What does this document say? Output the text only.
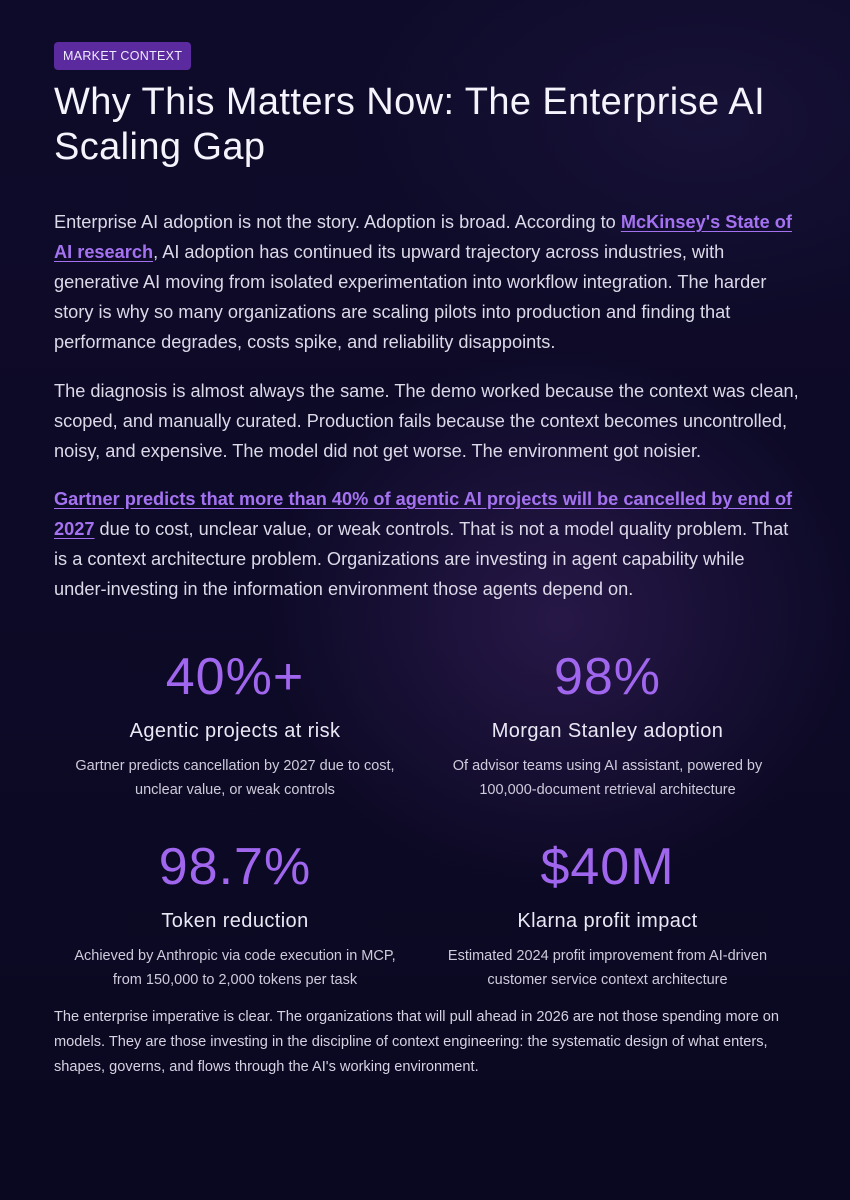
MARKET CONTEXT
Why This Matters Now: The Enterprise AI Scaling Gap

Enterprise AI adoption is not the story. Adoption is broad. According to McKinsey's State of AI research, AI adoption has continued its upward trajectory across industries, with generative AI moving from isolated experimentation into workflow integration. The harder story is why so many organizations are scaling pilots into production and finding that performance degrades, costs spike, and reliability disappoints.

The diagnosis is almost always the same. The demo worked because the context was clean, scoped, and manually curated. Production fails because the context becomes uncontrolled, noisy, and expensive. The model did not get worse. The environment got noisier.

Gartner predicts that more than 40% of agentic AI projects will be cancelled by end of 2027 due to cost, unclear value, or weak controls. That is not a model quality problem. That is a context architecture problem. Organizations are investing in agent capability while under-investing in the information environment those agents depend on.

40%+
Agentic projects at risk
Gartner predicts cancellation by 2027 due to cost, unclear value, or weak controls
98%
Morgan Stanley adoption
Of advisor teams using AI assistant, powered by 100,000-document retrieval architecture
98.7%
Token reduction
Achieved by Anthropic via code execution in MCP, from 150,000 to 2,000 tokens per task
$40M
Klarna profit impact
Estimated 2024 profit improvement from AI-driven customer service context architecture

The enterprise imperative is clear. The organizations that will pull ahead in 2026 are not those spending more on models. They are those investing in the discipline of context engineering: the systematic design of what enters, shapes, governs, and flows through the AI's working environment.
